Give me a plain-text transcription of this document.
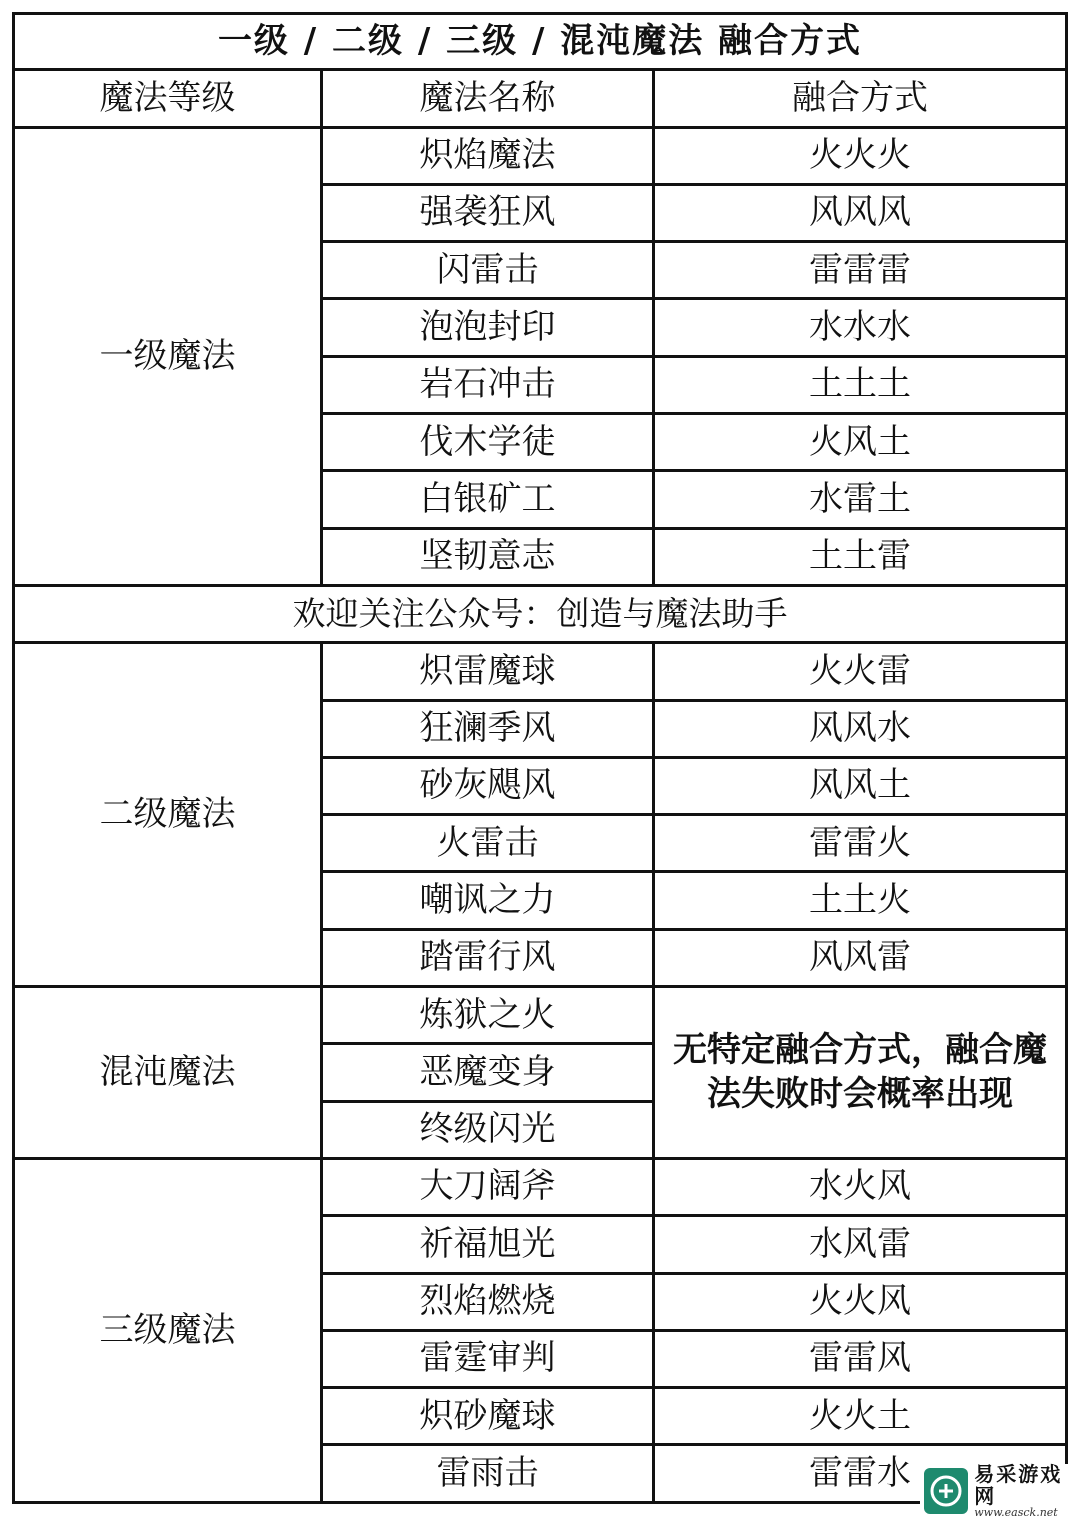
一级 / 二级 / 三级 / 混沌魔法 融合方式		
魔法等级	魔法名称	融合方式
一级魔法	炽焰魔法	火火火
	强袭狂风	风风风
	闪雷击	雷雷雷
	泡泡封印	水水水
	岩石冲击	土土土
	伐木学徒	火风土
	白银矿工	水雷土
	坚韧意志	土土雷
欢迎关注公众号：创造与魔法助手		
二级魔法	炽雷魔球	火火雷
	狂澜季风	风风水
	砂灰飓风	风风土
	火雷击	雷雷火
	嘲讽之力	土土火
	踏雷行风	风风雷
混沌魔法	炼狱之火	无特定融合方式，融合魔法失败时会概率出现
	恶魔变身	
	终级闪光	
三级魔法	大刀阔斧	水火风
	祈福旭光	水风雷
	烈焰燃烧	火火风
	雷霆审判	雷雷风
	炽砂魔球	火火土
	雷雨击	雷雷水	易采游戏网
www.easck.net
